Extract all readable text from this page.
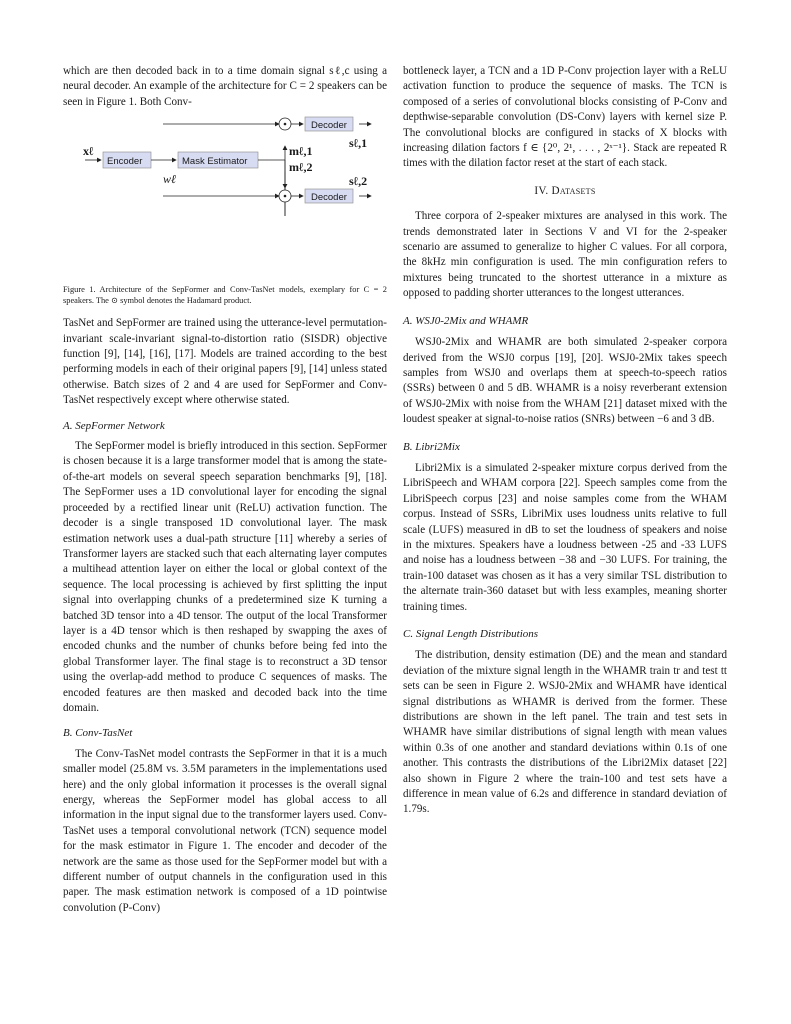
which are then decoded back in to a time domain signal sℓ,c using a neural decoder. An example of the architecture for C = 2 speakers can be seen in Figure 1. Both Conv-

Encoder	Mask Estimator
Decoder
Decoder
xℓ
wℓ
mℓ,1
mℓ,2
sℓ,1
sℓ,2

Figure 1. Architecture of the SepFormer and Conv-TasNet models, exemplary for C = 2 speakers. The ⊙ symbol denotes the Hadamard product.

TasNet and SepFormer are trained using the utterance-level permutation-invariant scale-invariant signal-to-distortion ratio (SISDR) objective function [9], [14], [16], [17]. Models are trained according to the best performing models in each of their original papers [9], [14] unless stated otherwise. Batch sizes of 2 and 4 are used for SepFormer and Conv-TasNet respectively except where otherwise stated.

A. SepFormer Network

The SepFormer model is briefly introduced in this section. SepFormer is chosen because it is a large transformer model that is among the state-of-the-art models on several speech separation benchmarks [9], [18]. The SepFormer uses a 1D convolutional layer for encoding the signal proceeded by a rectified linear unit (ReLU) activation function. The decoder is a single transposed 1D convolutional layer. The mask estimation network uses a dual-path structure [11] whereby a series of Transformer layers are stacked such that each alternating layer computes a multihead attention layer on either the local or global context of the sequence. The local processing is achieved by first splitting the input signal into overlapping chunks of a predetermined size K turning a batched 3D tensor into a 4D tensor. The output of the local Transformer layer is a 4D tensor which is then reshaped by swapping the axes of encoded chunks and the number of chunks before being fed into the global Transformer layer. The final stage is to reconstruct a 3D tensor using the overlap-add method to produce C sequences of masks. The encoded features are then masked and decoded back into the time domain.

B. Conv-TasNet

The Conv-TasNet model contrasts the SepFormer in that it is a much smaller model (25.8M vs. 3.5M parameters in the implementations used here) and the only global information it processes is the overall signal energy, whereas the SepFormer model has global access to all information in the input signal due to the transformer layers used. Conv-TasNet uses a temporal convolutional network (TCN) sequence model for the mask estimator in Figure 1. The encoder and decoder of the network are the same as those used for the SepFormer model but with a different number of output channels in the configuration used in this paper. The mask estimation network is composed of a 1D pointwise convolution (P-Conv)

bottleneck layer, a TCN and a 1D P-Conv projection layer with a ReLU activation function to produce the sequence of masks. The TCN is composed of a series of convolutional blocks consisting of P-Conv and depthwise-separable convolution (DS-Conv) layers with kernel size P. The convolutional blocks are configured in stacks of X blocks with increasing dilation factors f ∈ {2⁰, 2¹, . . . , 2ˣ⁻¹}. Stack are repeated R times with the dilation factor reset at the start of each stack.

IV. Datasets

Three corpora of 2-speaker mixtures are analysed in this work. The trends demonstrated later in Sections V and VI for the 2-speaker scenario are assumed to generalize to higher C values. For all corpora, the 8kHz min configuration is used. The min configuration refers to mixtures being truncated to the shortest utterance in a mixture as opposed to padding shorter utterances to the longest utterances.

A. WSJ0-2Mix and WHAMR

WSJ0-2Mix and WHAMR are both simulated 2-speaker corpora derived from the WSJ0 corpus [19], [20]. WSJ0-2Mix takes speech samples from WSJ0 and overlaps them at speech-to-speech ratios (SSRs) between 0 and 5 dB. WHAMR is a noisy reverberant extension of WSJ0-2Mix with noise from the WHAM [21] dataset mixed with the loudest speaker at signal-to-noise ratios (SNRs) between −6 and 3 dB.

B. Libri2Mix

Libri2Mix is a simulated 2-speaker mixture corpus derived from the LibriSpeech and WHAM corpora [22]. Speech samples come from the LibriSpeech corpus [23] and noise samples come from the WHAM corpus. Instead of SSRs, LibriMix uses loudness units relative to full scale (LUFS) measured in dB to set the loudness of speakers and noise in the mixtures. Speakers have a loudness between -25 and -33 LUFS and noise has a loudness between −38 and −30 LUFS. For training, the train-100 dataset was chosen as it has a very similar TSL distribution to the alternate train-360 dataset but with less examples, meaning shorter training times.

C. Signal Length Distributions

The distribution, density estimation (DE) and the mean and standard deviation of the mixture signal length in the WHAMR train tr and test tt sets can be seen in Figure 2. WSJ0-2Mix and WHAMR have identical signal distributions as WHAMR is derived from the former. These distributions are shown in the left panel. The train and test sets in WHAMR have similar distributions of signal length with mean values within 0.3s of one another and standard deviations within 0.1s of one another. This contrasts the distributions of the Libri2Mix dataset [22] also shown in Figure 2 where the train-100 and test sets have a difference in mean value of 6.2s and difference in standard deviation of 1.79s.
